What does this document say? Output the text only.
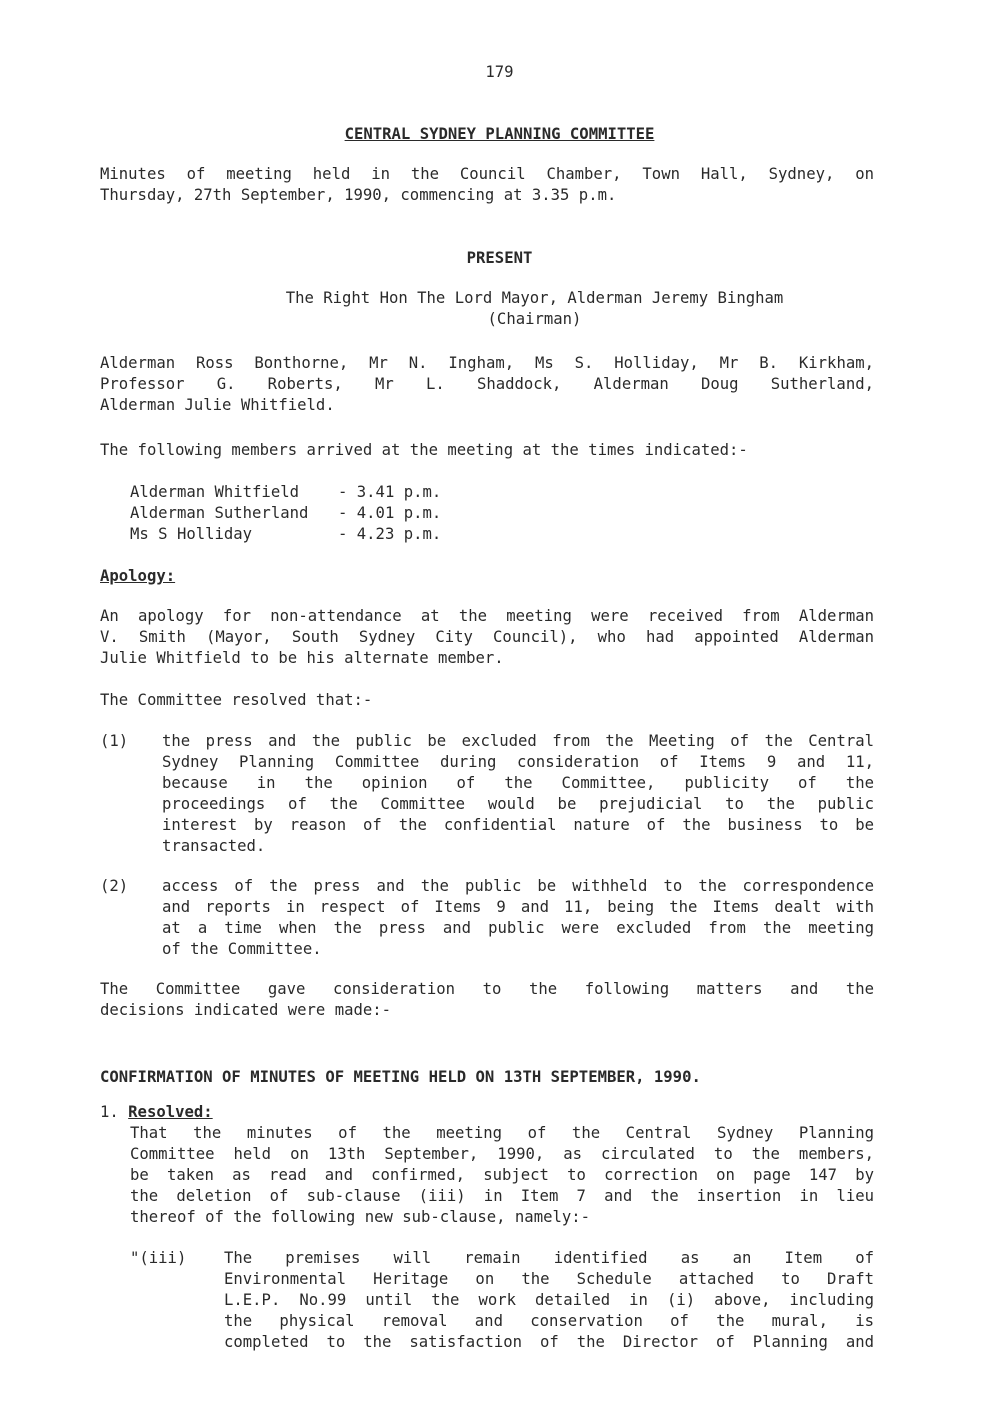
179

CENTRAL SYDNEY PLANNING COMMITTEE

Minutes of meeting held in the Council Chamber, Town Hall, Sydney, on
Thursday, 27th September, 1990, commencing at 3.35 p.m.

PRESENT

The Right Hon The Lord Mayor, Alderman Jeremy Bingham
(Chairman)
Alderman Ross Bonthorne, Mr N. Ingham, Ms S. Holliday, Mr B. Kirkham,
Professor G. Roberts, Mr L. Shaddock, Alderman Doug Sutherland,
Alderman Julie Whitfield.

The following members arrived at the meeting at the times indicated:-

Alderman Whitfield	- 3.41 p.m.
Alderman Sutherland	- 4.01 p.m.
Ms S Holliday	- 4.23 p.m.

Apology:

An apology for non-attendance at the meeting were received from Alderman
V. Smith (Mayor, South Sydney City Council), who had appointed Alderman
Julie Whitfield to be his alternate member.

The Committee resolved that:-

(1) the press and the public be excluded from the Meeting of the Central
Sydney Planning Committee during consideration of Items 9 and 11,
because in the opinion of the Committee, publicity of the
proceedings of the Committee would be prejudicial to the public
interest by reason of the confidential nature of the business to be
transacted.
(2) access of the press and the public be withheld to the correspondence
and reports in respect of Items 9 and 11, being the Items dealt with
at a time when the press and public were excluded from the meeting
of the Committee.
The Committee gave consideration to the following matters and the
decisions indicated were made:-

CONFIRMATION OF MINUTES OF MEETING HELD ON 13TH SEPTEMBER, 1990.

1. Resolved:

That the minutes of the meeting of the Central Sydney Planning
Committee held on 13th September, 1990, as circulated to the members,
be taken as read and confirmed, subject to correction on page 147 by
the deletion of sub-clause (iii) in Item 7 and the insertion in lieu
thereof of the following new sub-clause, namely:-
"(iii) The premises will remain identified as an Item of
Environmental Heritage on the Schedule attached to Draft
L.E.P. No.99 until the work detailed in (i) above, including
the physical removal and conservation of the mural, is
completed to the satisfaction of the Director of Planning and
